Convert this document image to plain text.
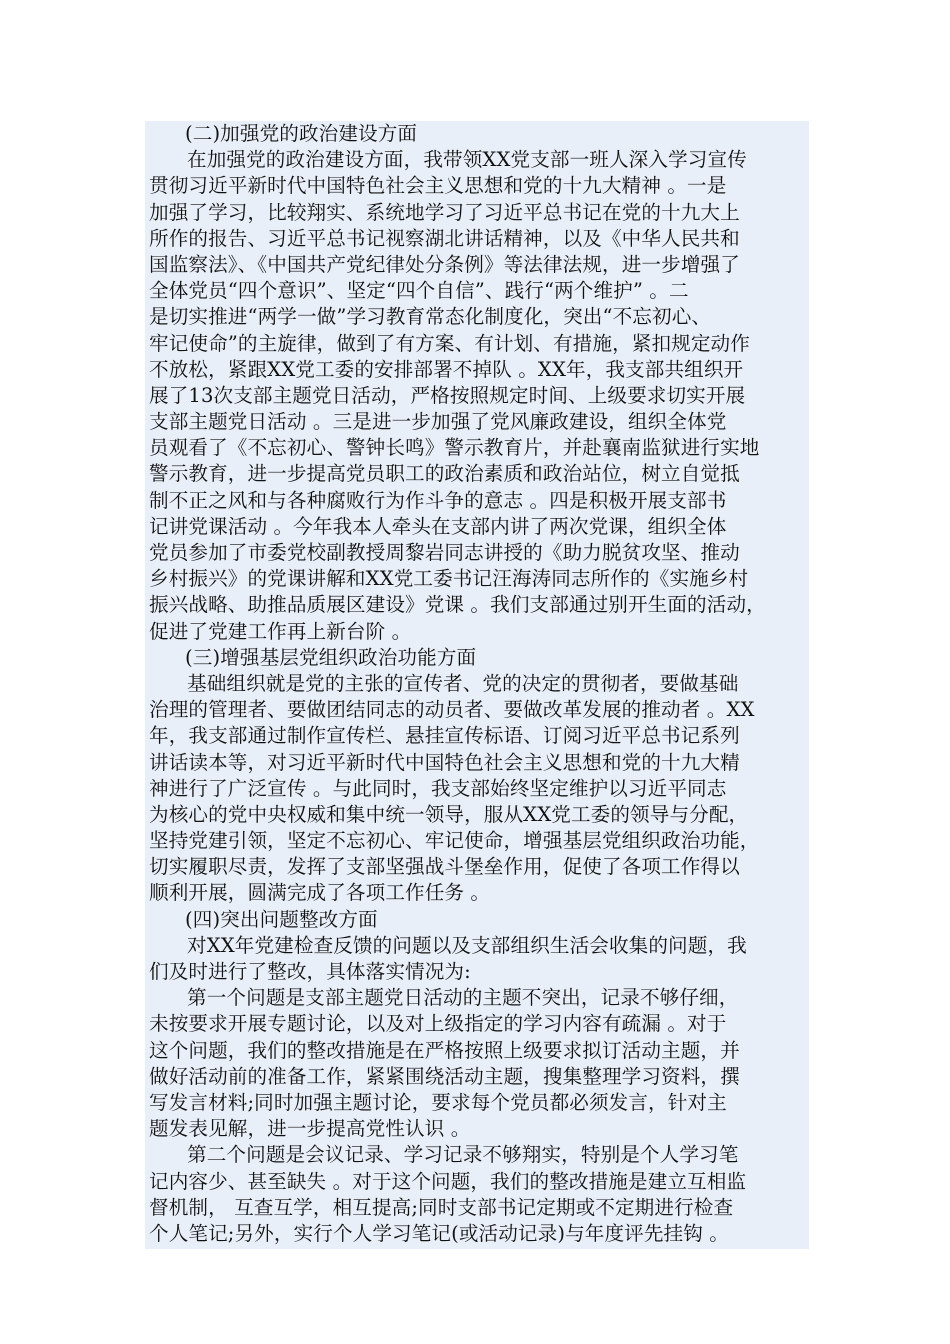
(二)加强党的政治建设方面
在加强党的政治建设方面，我带领XX党支部一班人深入学习宣传
贯彻习近平新时代中国特色社会主义思想和党的十九大精神 。一是
加强了学习，比较翔实、系统地学习了习近平总书记在党的十九大上
所作的报告、习近平总书记视察湖北讲话精神，以及《中华人民共和
国监察法》、《中国共产党纪律处分条例》等法律法规，进一步增强了
全体党员“四个意识”、坚定“四个自信”、践行“两个维护” 。二
是切实推进“两学一做”学习教育常态化制度化，突出“不忘初心、
牢记使命”的主旋律，做到了有方案、有计划、有措施，紧扣规定动作
不放松，紧跟XX党工委的安排部署不掉队 。XX年，我支部共组织开
展了13次支部主题党日活动，严格按照规定时间、上级要求切实开展
支部主题党日活动 。三是进一步加强了党风廉政建设，组织全体党
员观看了《不忘初心、警钟长鸣》警示教育片，并赴襄南监狱进行实地
警示教育，进一步提高党员职工的政治素质和政治站位，树立自觉抵
制不正之风和与各种腐败行为作斗争的意志 。四是积极开展支部书
记讲党课活动 。今年我本人牵头在支部内讲了两次党课，组织全体
党员参加了市委党校副教授周黎岩同志讲授的《助力脱贫攻坚、推动
乡村振兴》的党课讲解和XX党工委书记汪海涛同志所作的《实施乡村
振兴战略、助推品质展区建设》党课 。我们支部通过别开生面的活动，
促进了党建工作再上新台阶 。
(三)增强基层党组织政治功能方面
基础组织就是党的主张的宣传者、党的决定的贯彻者，要做基础
治理的管理者、要做团结同志的动员者、要做改革发展的推动者 。XX
年，我支部通过制作宣传栏、悬挂宣传标语、订阅习近平总书记系列
讲话读本等，对习近平新时代中国特色社会主义思想和党的十九大精
神进行了广泛宣传 。与此同时，我支部始终坚定维护以习近平同志
为核心的党中央权威和集中统一领导，服从XX党工委的领导与分配，
坚持党建引领，坚定不忘初心、牢记使命，增强基层党组织政治功能，
切实履职尽责，发挥了支部坚强战斗堡垒作用，促使了各项工作得以
顺利开展，圆满完成了各项工作任务 。
(四)突出问题整改方面
对XX年党建检查反馈的问题以及支部组织生活会收集的问题，我
们及时进行了整改，具体落实情况为:
第一个问题是支部主题党日活动的主题不突出，记录不够仔细，
未按要求开展专题讨论，以及对上级指定的学习内容有疏漏 。对于
这个问题，我们的整改措施是在严格按照上级要求拟订活动主题，并
做好活动前的准备工作，紧紧围绕活动主题，搜集整理学习资料，撰
写发言材料;同时加强主题讨论，要求每个党员都必须发言，针对主
题发表见解，进一步提高党性认识 。
第二个问题是会议记录、学习记录不够翔实，特别是个人学习笔
记内容少、甚至缺失 。对于这个问题，我们的整改措施是建立互相监
督机制， 互查互学，相互提高;同时支部书记定期或不定期进行检查
个人笔记;另外，实行个人学习笔记(或活动记录)与年度评先挂钩 。
